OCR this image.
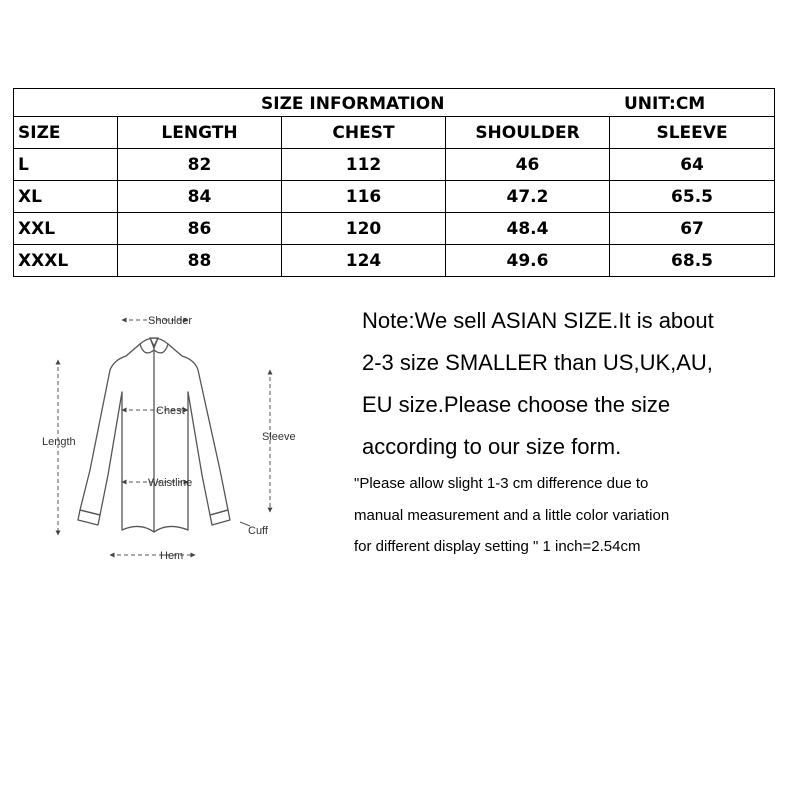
SIZE INFORMATION UNIT:CM				

SIZE	LENGTH	CHEST	SHOULDER	SLEEVE
L	82	112	46	64
XL	84	116	47.2	65.5
XXL	86	120	48.4	67
XXXL	88	124	49.6	68.5
Shoulder
Chest
Length	Sleeve
Waistline
Cuff
Hem
Note:We sell ASIAN SIZE.It is about
2-3 size SMALLER than US,UK,AU,
EU size.Please choose the size
according to our size form.
"Please allow slight 1-3 cm difference due to
manual measurement and a little color variation
for different display setting " 1 inch=2.54cm
